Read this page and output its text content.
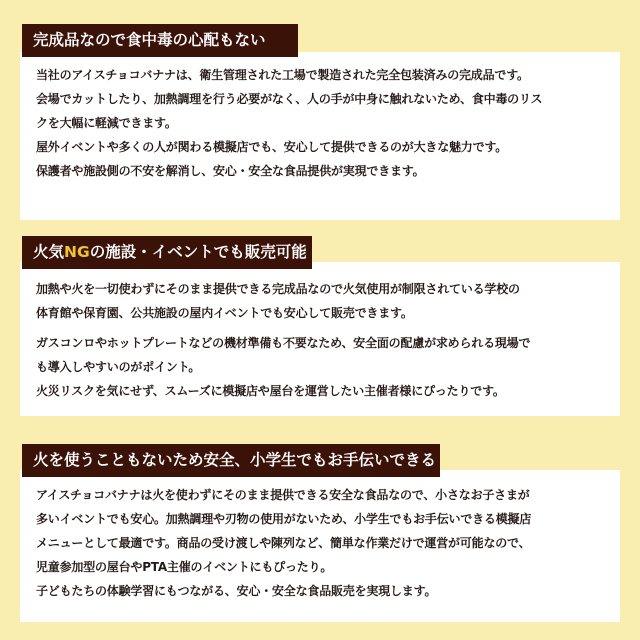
当社のアイスチョコバナナは、衛生管理された工場で製造された完全包装済みの完成品です。
会場でカットしたり、加熱調理を行う必要がなく、人の手が中身に触れないため、食中毒のリス
クを大幅に軽減できます。
屋外イベントや多くの人が関わる模擬店でも、安心して提供できるのが大きな魅力です。
保護者や施設側の不安を解消し、安心・安全な食品提供が実現できます。
完成品なので食中毒の心配もない
加熱や火を一切使わずにそのまま提供できる完成品なので火気使用が制限されている学校の
体育館や保育園、公共施設の屋内イベントでも安心して販売できます。
ガスコンロやホットプレートなどの機材準備も不要なため、安全面の配慮が求められる現場で
も導入しやすいのがポイント。
火災リスクを気にせず、スムーズに模擬店や屋台を運営したい主催者様にぴったりです。
火気NGの施設・イベントでも販売可能
アイスチョコバナナは火を使わずにそのまま提供できる安全な食品なので、小さなお子さまが
多いイベントでも安心。加熱調理や刃物の使用がないため、小学生でもお手伝いできる模擬店
メニューとして最適です。商品の受け渡しや陳列など、簡単な作業だけで運営が可能なので、
児童参加型の屋台やPTA主催のイベントにもぴったり。
子どもたちの体験学習にもつながる、安心・安全な食品販売を実現します。
火を使うこともないため安全、小学生でもお手伝いできる
